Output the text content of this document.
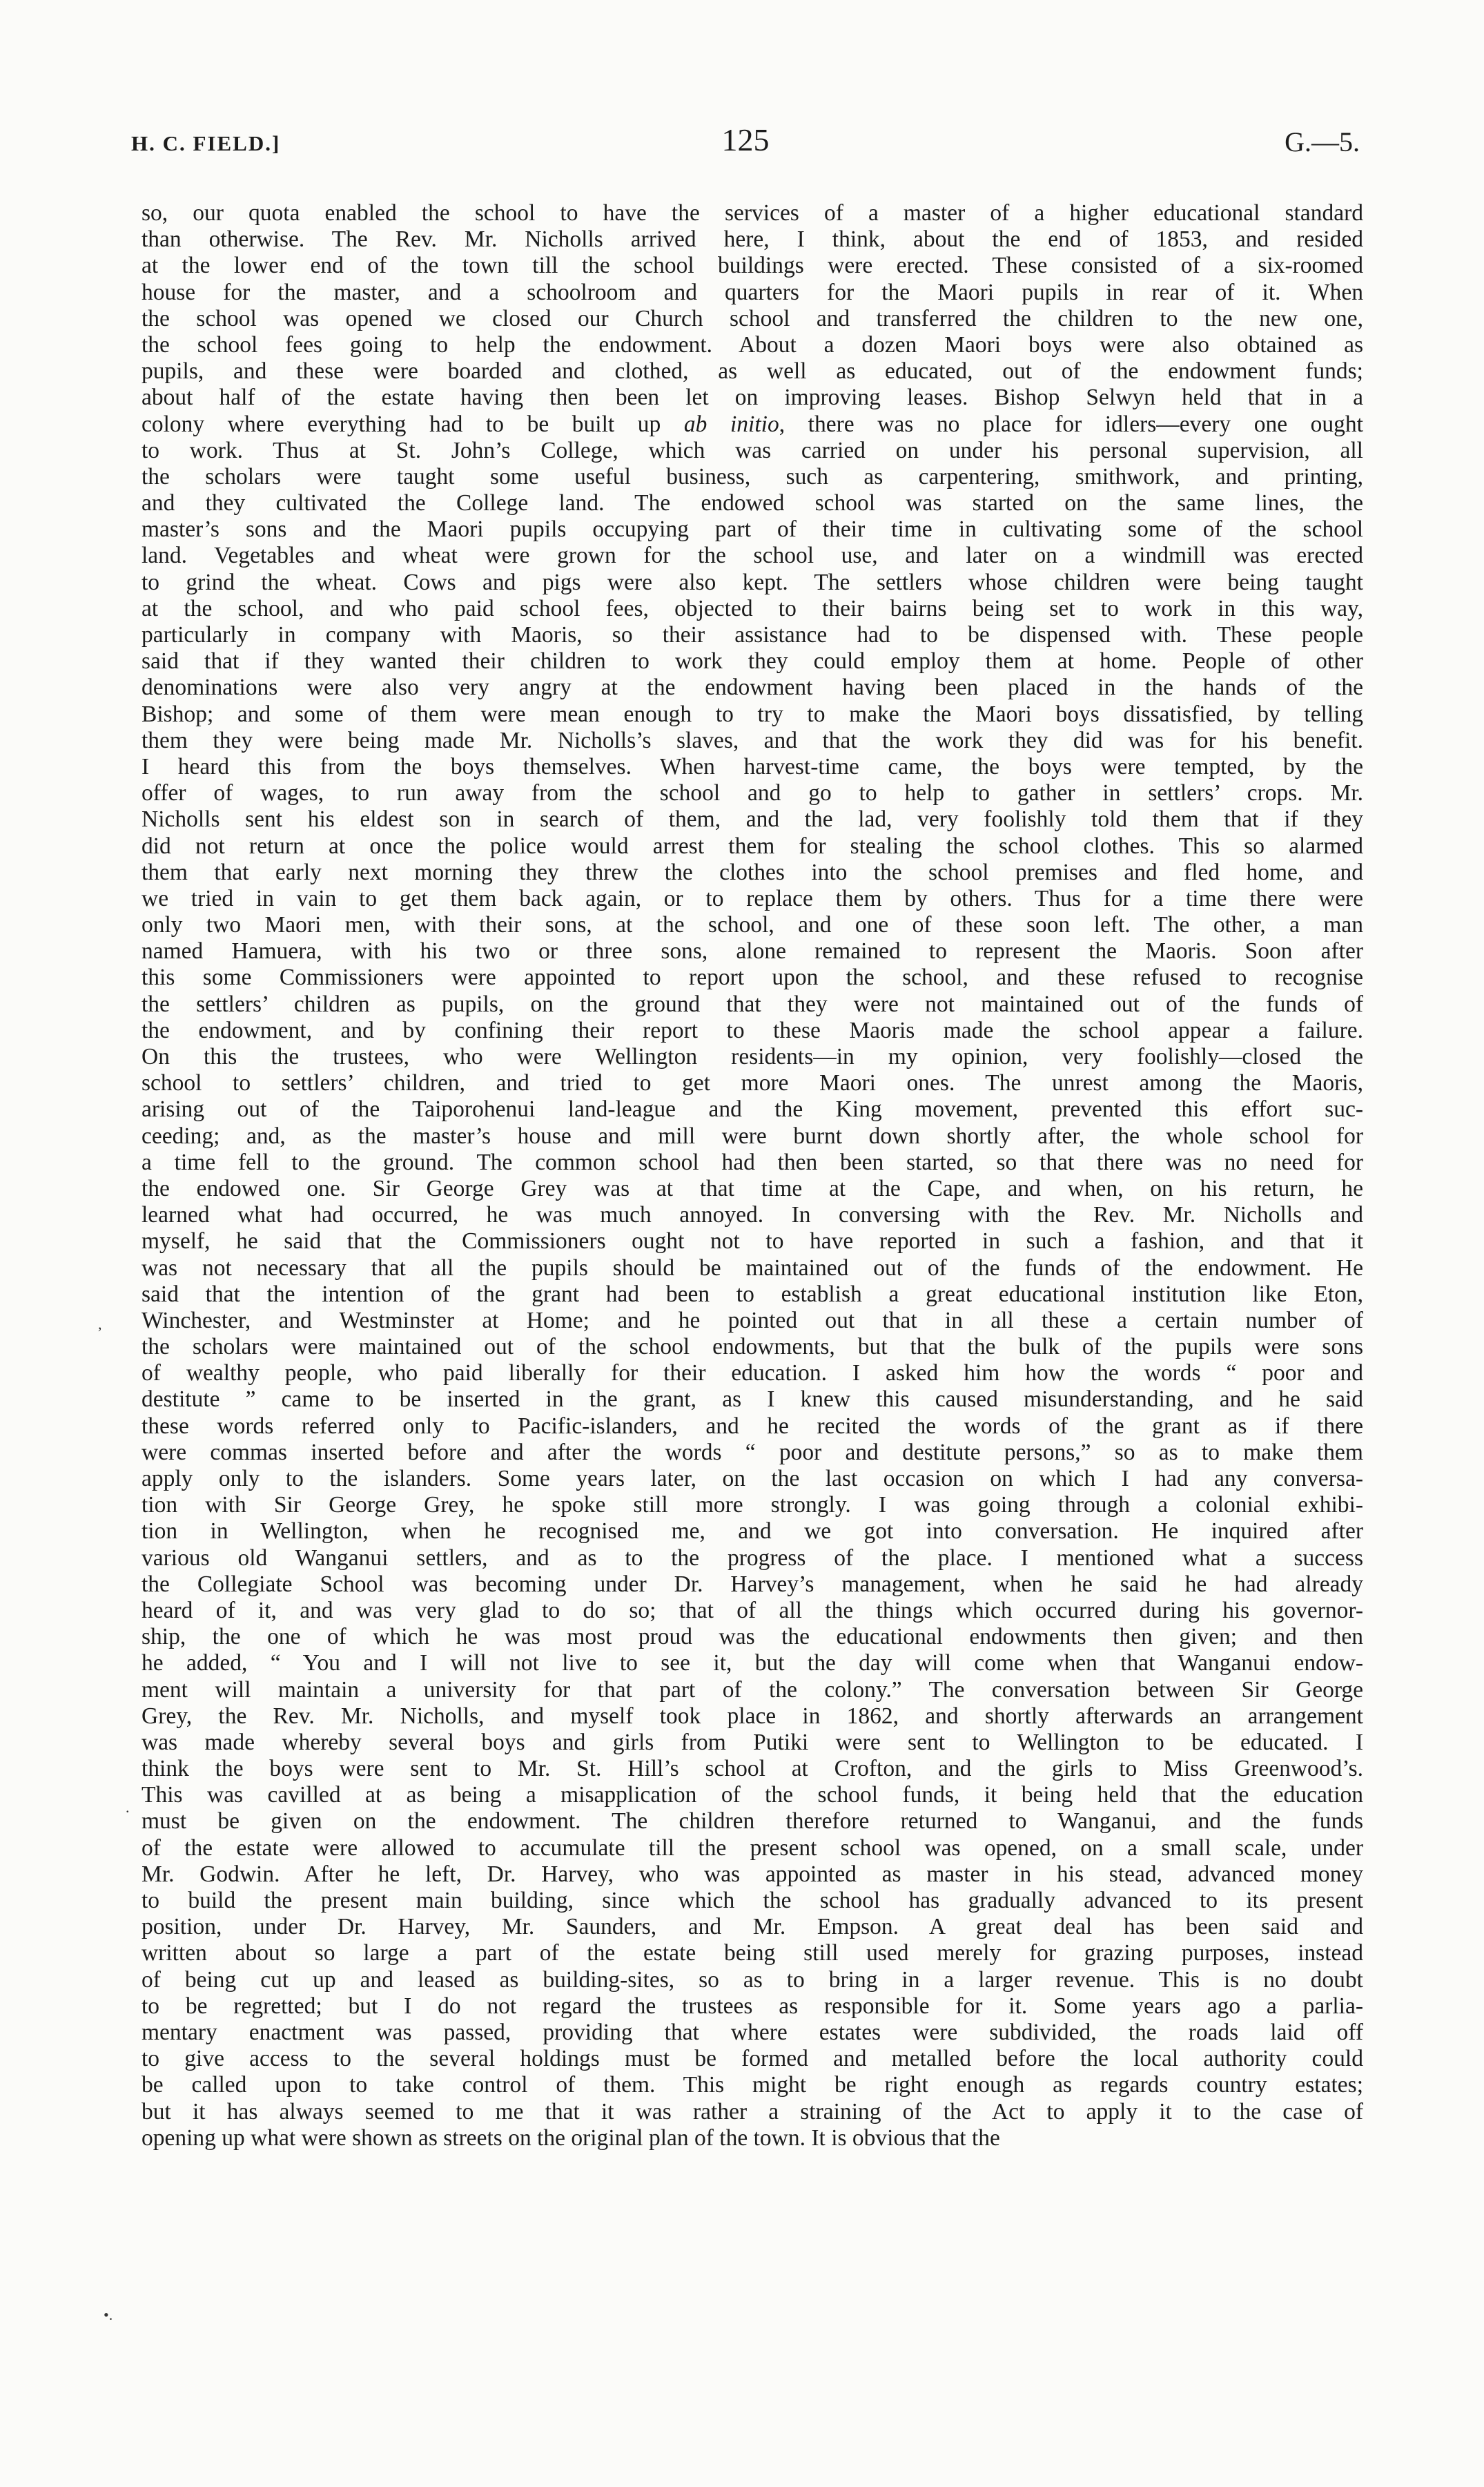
H. C. FIELD.]	125	G.—5.
so, our quota enabled the school to have the services of a master of a higher educational standard
than otherwise. The Rev. Mr. Nicholls arrived here, I think, about the end of 1853, and resided
at the lower end of the town till the school buildings were erected. These consisted of a six-roomed
house for the master, and a schoolroom and quarters for the Maori pupils in rear of it. When
the school was opened we closed our Church school and transferred the children to the new one,
the school fees going to help the endowment. About a dozen Maori boys were also obtained as
pupils, and these were boarded and clothed, as well as educated, out of the endowment funds;
about half of the estate having then been let on improving leases. Bishop Selwyn held that in a
colony where everything had to be built up ab initio, there was no place for idlers—every one ought
to work. Thus at St. John’s College, which was carried on under his personal supervision, all
the scholars were taught some useful business, such as carpentering, smithwork, and printing,
and they cultivated the College land. The endowed school was started on the same lines, the
master’s sons and the Maori pupils occupying part of their time in cultivating some of the school
land. Vegetables and wheat were grown for the school use, and later on a windmill was erected
to grind the wheat. Cows and pigs were also kept. The settlers whose children were being taught
at the school, and who paid school fees, objected to their bairns being set to work in this way,
particularly in company with Maoris, so their assistance had to be dispensed with. These people
said that if they wanted their children to work they could employ them at home. People of other
denominations were also very angry at the endowment having been placed in the hands of the
Bishop; and some of them were mean enough to try to make the Maori boys dissatisfied, by telling
them they were being made Mr. Nicholls’s slaves, and that the work they did was for his benefit.
I heard this from the boys themselves. When harvest-time came, the boys were tempted, by the
offer of wages, to run away from the school and go to help to gather in settlers’ crops. Mr.
Nicholls sent his eldest son in search of them, and the lad, very foolishly told them that if they
did not return at once the police would arrest them for stealing the school clothes. This so alarmed
them that early next morning they threw the clothes into the school premises and fled home, and
we tried in vain to get them back again, or to replace them by others. Thus for a time there were
only two Maori men, with their sons, at the school, and one of these soon left. The other, a man
named Hamuera, with his two or three sons, alone remained to represent the Maoris. Soon after
this some Commissioners were appointed to report upon the school, and these refused to recognise
the settlers’ children as pupils, on the ground that they were not maintained out of the funds of
the endowment, and by confining their report to these Maoris made the school appear a failure.
On this the trustees, who were Wellington residents—in my opinion, very foolishly—closed the
school to settlers’ children, and tried to get more Maori ones. The unrest among the Maoris,
arising out of the Taiporohenui land-league and the King movement, prevented this effort suc-
ceeding; and, as the master’s house and mill were burnt down shortly after, the whole school for
a time fell to the ground. The common school had then been started, so that there was no need for
the endowed one. Sir George Grey was at that time at the Cape, and when, on his return, he
learned what had occurred, he was much annoyed. In conversing with the Rev. Mr. Nicholls and
myself, he said that the Commissioners ought not to have reported in such a fashion, and that it
was not necessary that all the pupils should be maintained out of the funds of the endowment. He
said that the intention of the grant had been to establish a great educational institution like Eton,
Winchester, and Westminster at Home; and he pointed out that in all these a certain number of
the scholars were maintained out of the school endowments, but that the bulk of the pupils were sons
of wealthy people, who paid liberally for their education. I asked him how the words “ poor and
destitute ” came to be inserted in the grant, as I knew this caused misunderstanding, and he said
these words referred only to Pacific-islanders, and he recited the words of the grant as if there
were commas inserted before and after the words “ poor and destitute persons,” so as to make them
apply only to the islanders. Some years later, on the last occasion on which I had any conversa-
tion with Sir George Grey, he spoke still more strongly. I was going through a colonial exhibi-
tion in Wellington, when he recognised me, and we got into conversation. He inquired after
various old Wanganui settlers, and as to the progress of the place. I mentioned what a success
the Collegiate School was becoming under Dr. Harvey’s management, when he said he had already
heard of it, and was very glad to do so; that of all the things which occurred during his governor-
ship, the one of which he was most proud was the educational endowments then given; and then
he added, “ You and I will not live to see it, but the day will come when that Wanganui endow-
ment will maintain a university for that part of the colony.” The conversation between Sir George
Grey, the Rev. Mr. Nicholls, and myself took place in 1862, and shortly afterwards an arrangement
was made whereby several boys and girls from Putiki were sent to Wellington to be educated. I
think the boys were sent to Mr. St. Hill’s school at Crofton, and the girls to Miss Greenwood’s.
This was cavilled at as being a misapplication of the school funds, it being held that the education
must be given on the endowment. The children therefore returned to Wanganui, and the funds
of the estate were allowed to accumulate till the present school was opened, on a small scale, under
Mr. Godwin. After he left, Dr. Harvey, who was appointed as master in his stead, advanced money
to build the present main building, since which the school has gradually advanced to its present
position, under Dr. Harvey, Mr. Saunders, and Mr. Empson. A great deal has been said and
written about so large a part of the estate being still used merely for grazing purposes, instead
of being cut up and leased as building-sites, so as to bring in a larger revenue. This is no doubt
to be regretted; but I do not regard the trustees as responsible for it. Some years ago a parlia-
mentary enactment was passed, providing that where estates were subdivided, the roads laid off
to give access to the several holdings must be formed and metalled before the local authority could
be called upon to take control of them. This might be right enough as regards country estates;
but it has always seemed to me that it was rather a straining of the Act to apply it to the case of
opening up what were shown as streets on the original plan of the town. It is obvious that the
,
.
•.
